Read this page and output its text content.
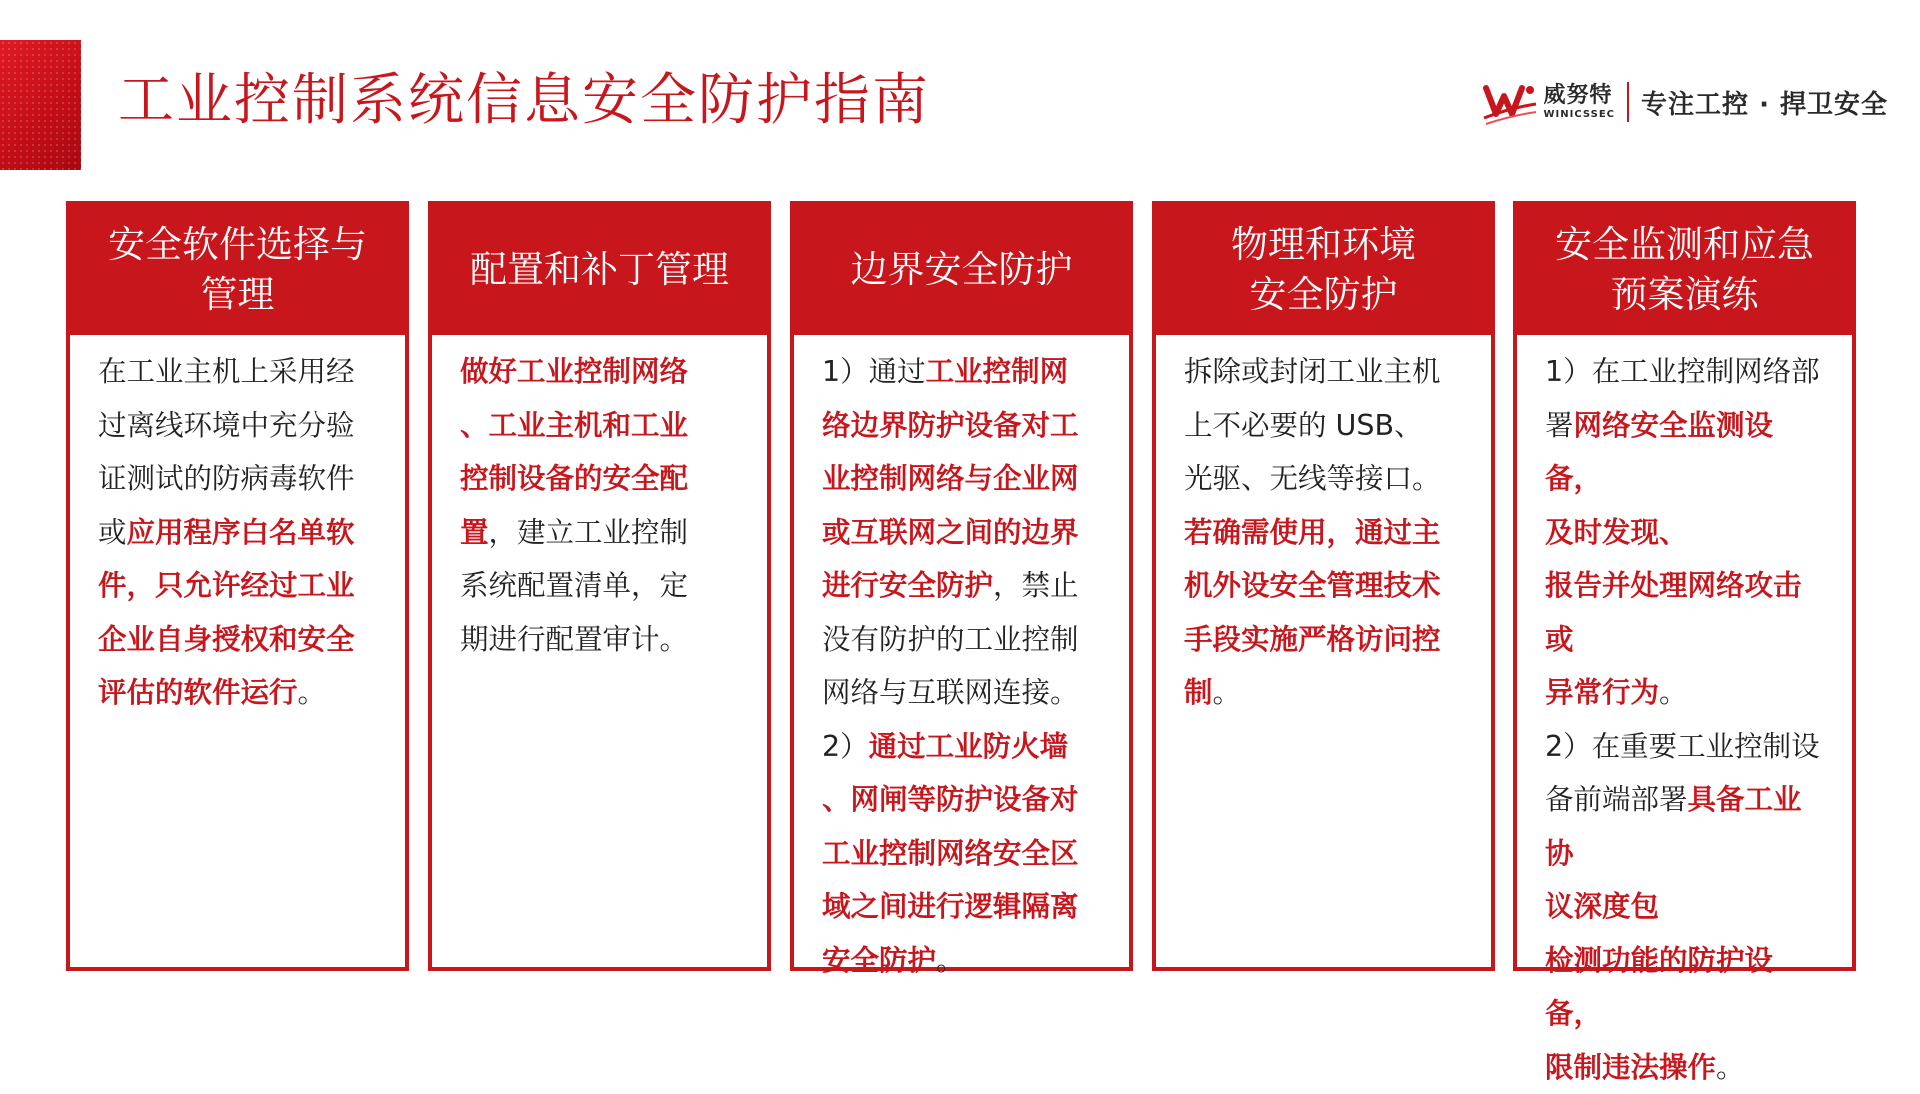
工业控制系统信息安全防护指南	威努特
WINICSSEC 专注工控 · 捍卫安全
安全软件选择与
管理
在工业主机上采用经
过离线环境中充分验
证测试的防病毒软件
或应用程序白名单软
件，只允许经过工业
企业自身授权和安全
评估的软件运行。
配置和补丁管理
做好工业控制网络
、工业主机和工业
控制设备的安全配
置，建立工业控制
系统配置清单，定
期进行配置审计。
边界安全防护
1）通过工业控制网
络边界防护设备对工
业控制网络与企业网
或互联网之间的边界
进行安全防护，禁止
没有防护的工业控制
网络与互联网连接。
2）通过工业防火墙
、网闸等防护设备对
工业控制网络安全区
域之间进行逻辑隔离
安全防护。
物理和环境
安全防护
拆除或封闭工业主机
上不必要的 USB、
光驱、无线等接口。
若确需使用，通过主
机外设安全管理技术
手段实施严格访问控
制。
安全监测和应急
预案演练
1）在工业控制网络部
署网络安全监测设备，
及时发现、
报告并处理网络攻击或
异常行为。
2）在重要工业控制设
备前端部署具备工业协
议深度包
检测功能的防护设备，
限制违法操作。
